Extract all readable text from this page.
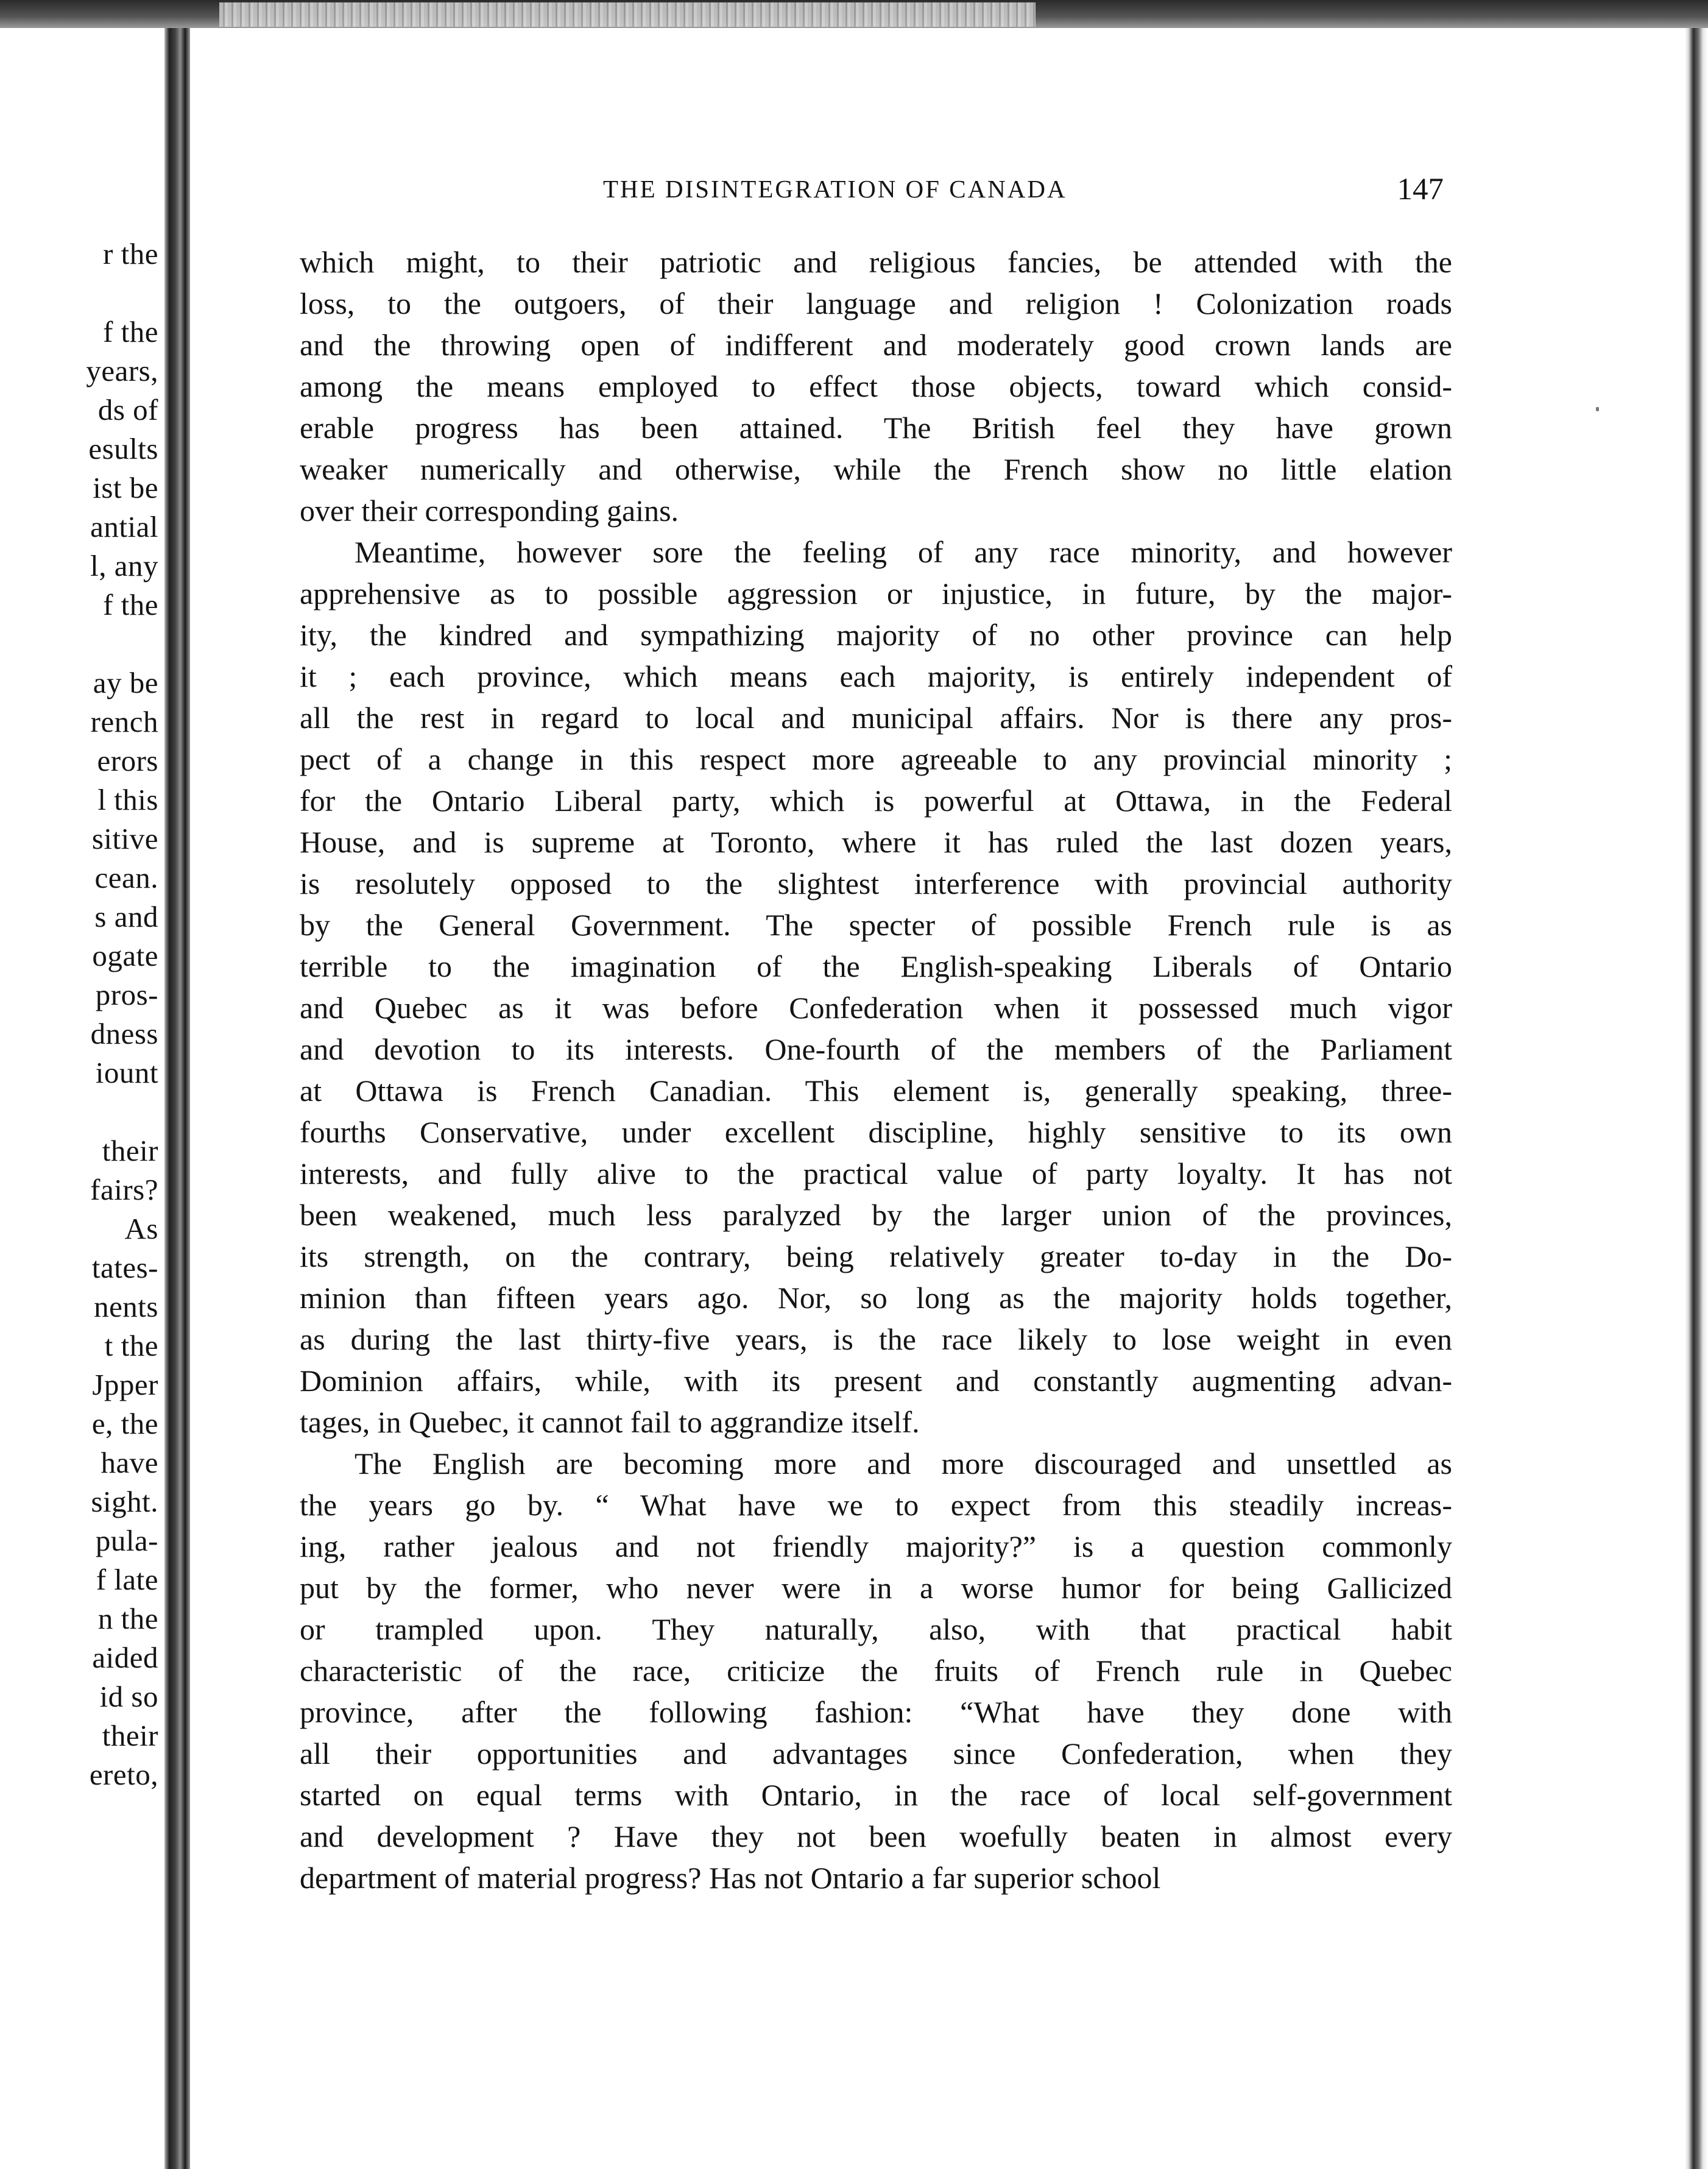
r the
f the
years,
ds of
esults
ist be
antial
l, any
f the
ay be
rench
erors
l this
sitive
cean.
s and
ogate
pros-
dness
iount
their
fairs?
As
tates-
nents
t the
Jpper
e, the
have
sight.
pula-
f late
n the
aided
id so
their
ereto,
THE DISINTEGRATION OF CANADA	147
which might, to their patriotic and religious fancies, be attended with the
loss, to the outgoers, of their language and religion ! Colonization roads
and the throwing open of indifferent and moderately good crown lands are
among the means employed to effect those objects, toward which consid-
erable progress has been attained. The British feel they have grown
weaker numerically and otherwise, while the French show no little elation
over their corresponding gains.
Meantime, however sore the feeling of any race minority, and however
apprehensive as to possible aggression or injustice, in future, by the major-
ity, the kindred and sympathizing majority of no other province can help
it ; each province, which means each majority, is entirely independent of
all the rest in regard to local and municipal affairs. Nor is there any pros-
pect of a change in this respect more agreeable to any provincial minority ;
for the Ontario Liberal party, which is powerful at Ottawa, in the Federal
House, and is supreme at Toronto, where it has ruled the last dozen years,
is resolutely opposed to the slightest interference with provincial authority
by the General Government. The specter of possible French rule is as
terrible to the imagination of the English-speaking Liberals of Ontario
and Quebec as it was before Confederation when it possessed much vigor
and devotion to its interests. One-fourth of the members of the Parliament
at Ottawa is French Canadian. This element is, generally speaking, three-
fourths Conservative, under excellent discipline, highly sensitive to its own
interests, and fully alive to the practical value of party loyalty. It has not
been weakened, much less paralyzed by the larger union of the provinces,
its strength, on the contrary, being relatively greater to-day in the Do-
minion than fifteen years ago. Nor, so long as the majority holds together,
as during the last thirty-five years, is the race likely to lose weight in even
Dominion affairs, while, with its present and constantly augmenting advan-
tages, in Quebec, it cannot fail to aggrandize itself.
The English are becoming more and more discouraged and unsettled as
the years go by. “ What have we to expect from this steadily increas-
ing, rather jealous and not friendly majority?” is a question commonly
put by the former, who never were in a worse humor for being Gallicized
or trampled upon. They naturally, also, with that practical habit
characteristic of the race, criticize the fruits of French rule in Quebec
province, after the following fashion: “What have they done with
all their opportunities and advantages since Confederation, when they
started on equal terms with Ontario, in the race of local self-government
and development ? Have they not been woefully beaten in almost every
department of material progress? Has not Ontario a far superior school
